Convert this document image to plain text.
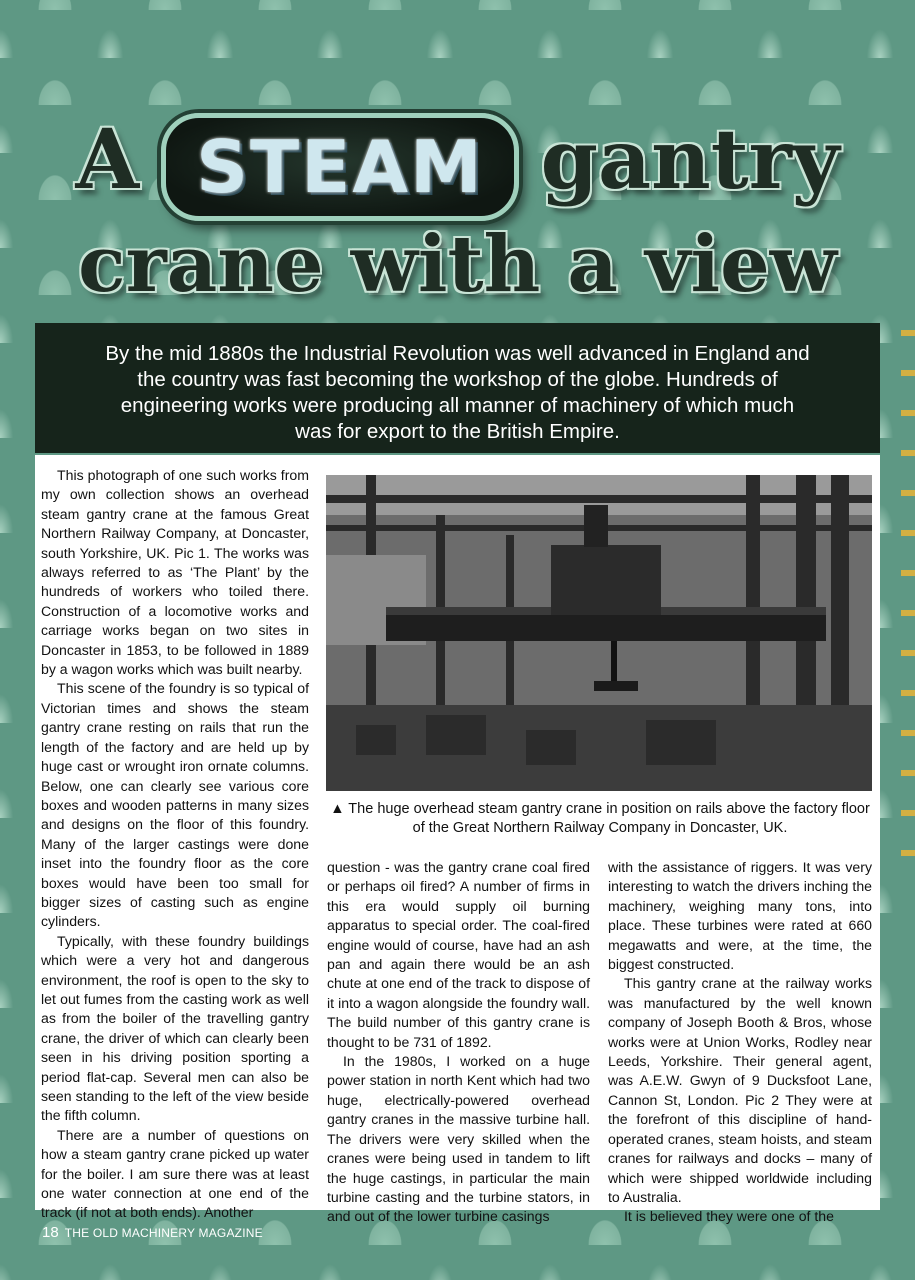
A STEAM gantry
crane with a view
By the mid 1880s the Industrial Revolution was well advanced in England and the country was fast becoming the workshop of the globe. Hundreds of engineering works were producing all manner of machinery of which much was for export to the British Empire.

This photograph of one such works from my own collection shows an overhead steam gantry crane at the famous Great Northern Railway Company, at Doncaster, south Yorkshire, UK. Pic 1. The works was always referred to as ‘The Plant’ by the hundreds of workers who toiled there. Construction of a locomotive works and carriage works began on two sites in Doncaster in 1853, to be followed in 1889 by a wagon works which was built nearby.

This scene of the foundry is so typical of Victorian times and shows the steam gantry crane resting on rails that run the length of the factory and are held up by huge cast or wrought iron ornate columns. Below, one can clearly see various core boxes and wooden patterns in many sizes and designs on the floor of this foundry. Many of the larger castings were done inset into the foundry floor as the core boxes would have been too small for bigger sizes of casting such as engine cylinders.

Typically, with these foundry buildings which were a very hot and dangerous environment, the roof is open to the sky to let out fumes from the casting work as well as from the boiler of the travelling gantry crane, the driver of which can clearly been seen in his driving position sporting a period flat-cap. Several men can also be seen standing to the left of the view beside the fifth column.

There are a number of questions on how a steam gantry crane picked up water for the boiler. I am sure there was at least one water connection at one end of the track (if not at both ends). Another

▲ The huge overhead steam gantry crane in position on rails above the factory floor of the Great Northern Railway Company in Doncaster, UK.

question - was the gantry crane coal fired or perhaps oil fired? A number of firms in this era would supply oil burning apparatus to special order. The coal-fired engine would of course, have had an ash pan and again there would be an ash chute at one end of the track to dispose of it into a wagon alongside the foundry wall. The build number of this gantry crane is thought to be 731 of 1892.

In the 1980s, I worked on a huge power station in north Kent which had two huge, electrically-powered overhead gantry cranes in the massive turbine hall. The drivers were very skilled when the cranes were being used in tandem to lift the huge castings, in particular the main turbine casting and the turbine stators, in and out of the lower turbine casings

with the assistance of riggers. It was very interesting to watch the drivers inching the machinery, weighing many tons, into place. These turbines were rated at 660 megawatts and were, at the time, the biggest constructed.

This gantry crane at the railway works was manufactured by the well known company of Joseph Booth & Bros, whose works were at Union Works, Rodley near Leeds, Yorkshire. Their general agent, was A.E.W. Gwyn of 9 Ducksfoot Lane, Cannon St, London. Pic 2 They were at the forefront of this discipline of hand-operated cranes, steam hoists, and steam cranes for railways and docks – many of which were shipped worldwide including to Australia.

It is believed they were one of the

18 THE OLD MACHINERY MAGAZINE
